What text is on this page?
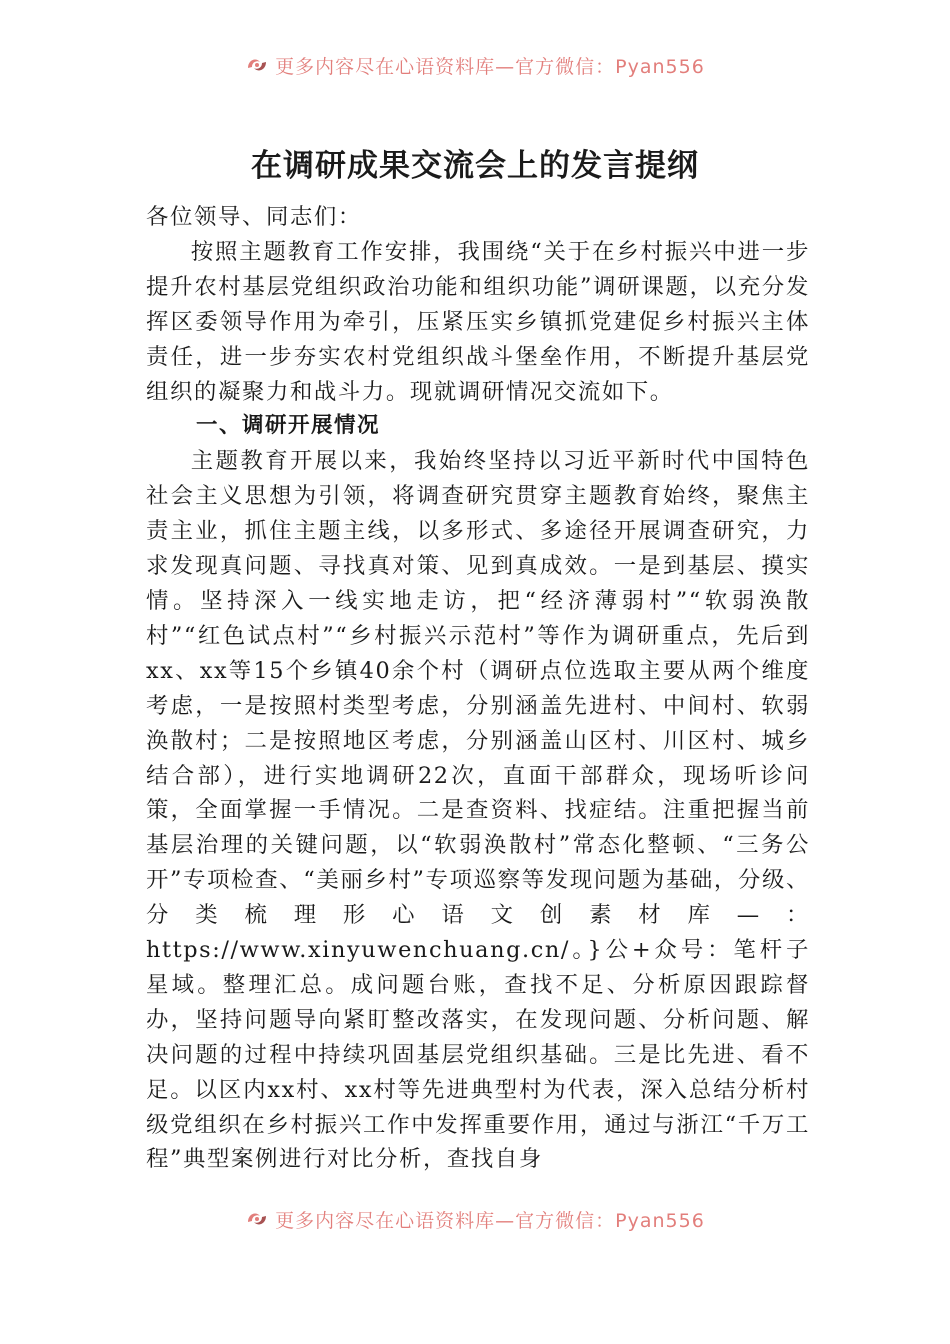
更多内容尽在心语资料库—官方微信：Pyan556
在调研成果交流会上的发言提纲

各位领导、同志们：

按照主题教育工作安排，我围绕“关于在乡村振兴中进一步提升农村基层党组织政治功能和组织功能”调研课题，以充分发挥区委领导作用为牵引，压紧压实乡镇抓党建促乡村振兴主体责任，进一步夯实农村党组织战斗堡垒作用，不断提升基层党组织的凝聚力和战斗力。现就调研情况交流如下。

一、调研开展情况

主题教育开展以来，我始终坚持以习近平新时代中国特色社会主义思想为引领，将调查研究贯穿主题教育始终，聚焦主责主业，抓住主题主线，以多形式、多途径开展调查研究，力求发现真问题、寻找真对策、见到真成效。一是到基层、摸实情。坚持深入一线实地走访，把“经济薄弱村”“软弱涣散村”“红色试点村”“乡村振兴示范村”等作为调研重点，先后到xx、xx等15个乡镇40余个村（调研点位选取主要从两个维度考虑，一是按照村类型考虑，分别涵盖先进村、中间村、软弱涣散村；二是按照地区考虑，分别涵盖山区村、川区村、城乡结合部），进行实地调研22次，直面干部群众，现场听诊问策，全面掌握一手情况。二是查资料、找症结。注重把握当前基层治理的关键问题，以“软弱涣散村”常态化整顿、“三务公开”专项检查、“美丽乡村”专项巡察等发现问题为基础，分级、分类梳理形心语文创素材库—：https://www.xinyuwenchuang.cn/。}公+众号：笔杆子星域。整理汇总。成问题台账，查找不足、分析原因跟踪督办，坚持问题导向紧盯整改落实，在发现问题、分析问题、解决问题的过程中持续巩固基层党组织基础。三是比先进、看不足。以区内xx村、xx村等先进典型村为代表，深入总结分析村级党组织在乡村振兴工作中发挥重要作用，通过与浙江“千万工程”典型案例进行对比分析，查找自身

更多内容尽在心语资料库—官方微信：Pyan556
